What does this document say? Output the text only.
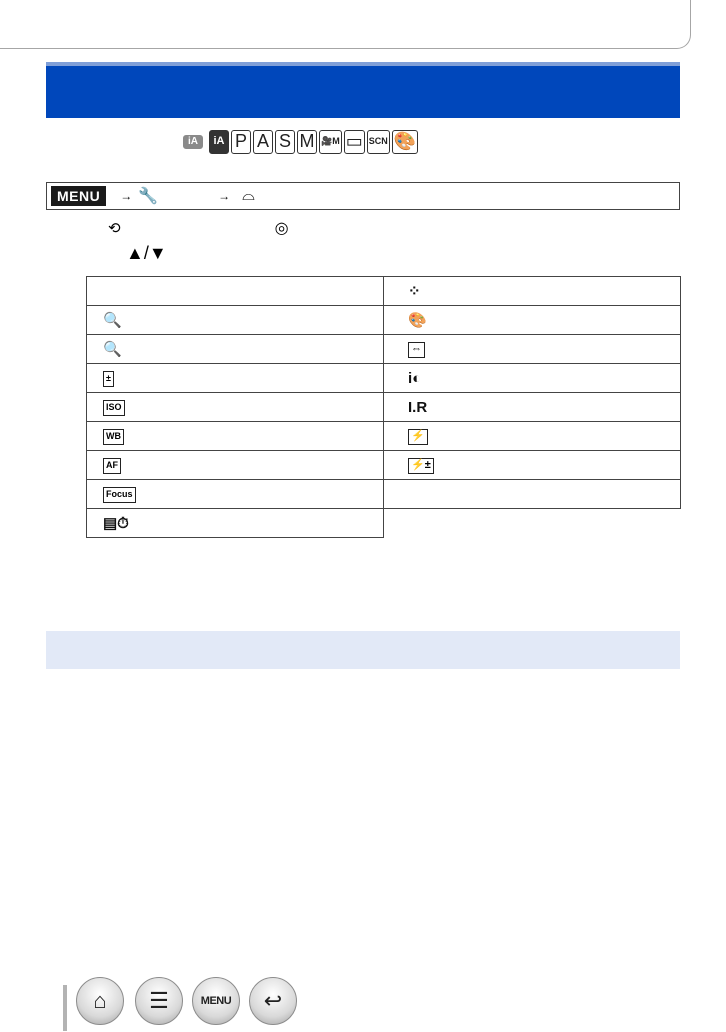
iA	iA P A S M 🎥M ▭ SCN 🎨
MENU	→ 🔧	→ ⌓
⟲	◎
▲/▼
	⁘
🔍	🎨
🔍	⇔
±	i◐
ISO	I.R
WB	⚡
AF	⚡±
Focus	
▤⏱	
⌂ ☰	MENU ↩
